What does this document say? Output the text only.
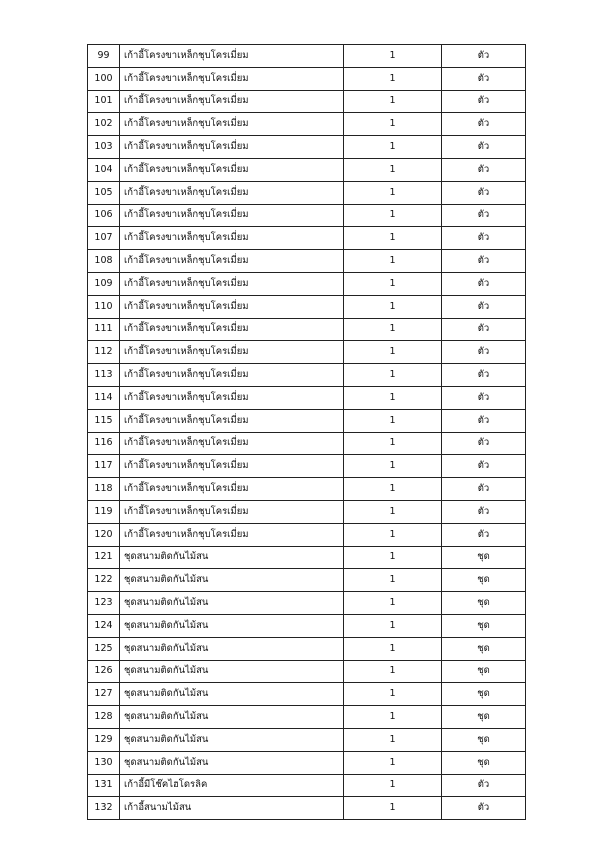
99	เก้าอี้โครงขาเหล็กชุบโครเมี่ยม	1	ตัว
100	เก้าอี้โครงขาเหล็กชุบโครเมี่ยม	1	ตัว
101	เก้าอี้โครงขาเหล็กชุบโครเมี่ยม	1	ตัว
102	เก้าอี้โครงขาเหล็กชุบโครเมี่ยม	1	ตัว
103	เก้าอี้โครงขาเหล็กชุบโครเมี่ยม	1	ตัว
104	เก้าอี้โครงขาเหล็กชุบโครเมี่ยม	1	ตัว
105	เก้าอี้โครงขาเหล็กชุบโครเมี่ยม	1	ตัว
106	เก้าอี้โครงขาเหล็กชุบโครเมี่ยม	1	ตัว
107	เก้าอี้โครงขาเหล็กชุบโครเมี่ยม	1	ตัว
108	เก้าอี้โครงขาเหล็กชุบโครเมี่ยม	1	ตัว
109	เก้าอี้โครงขาเหล็กชุบโครเมี่ยม	1	ตัว
110	เก้าอี้โครงขาเหล็กชุบโครเมี่ยม	1	ตัว
111	เก้าอี้โครงขาเหล็กชุบโครเมี่ยม	1	ตัว
112	เก้าอี้โครงขาเหล็กชุบโครเมี่ยม	1	ตัว
113	เก้าอี้โครงขาเหล็กชุบโครเมี่ยม	1	ตัว
114	เก้าอี้โครงขาเหล็กชุบโครเมี่ยม	1	ตัว
115	เก้าอี้โครงขาเหล็กชุบโครเมี่ยม	1	ตัว
116	เก้าอี้โครงขาเหล็กชุบโครเมี่ยม	1	ตัว
117	เก้าอี้โครงขาเหล็กชุบโครเมี่ยม	1	ตัว
118	เก้าอี้โครงขาเหล็กชุบโครเมี่ยม	1	ตัว
119	เก้าอี้โครงขาเหล็กชุบโครเมี่ยม	1	ตัว
120	เก้าอี้โครงขาเหล็กชุบโครเมี่ยม	1	ตัว
121	ชุดสนามติดกันไม้สน	1	ชุด
122	ชุดสนามติดกันไม้สน	1	ชุด
123	ชุดสนามติดกันไม้สน	1	ชุด
124	ชุดสนามติดกันไม้สน	1	ชุด
125	ชุดสนามติดกันไม้สน	1	ชุด
126	ชุดสนามติดกันไม้สน	1	ชุด
127	ชุดสนามติดกันไม้สน	1	ชุด
128	ชุดสนามติดกันไม้สน	1	ชุด
129	ชุดสนามติดกันไม้สน	1	ชุด
130	ชุดสนามติดกันไม้สน	1	ชุด
131	เก้าอี้มีโช๊คไฮโดรลิค	1	ตัว
132	เก้าอี้สนามไม้สน	1	ตัว
